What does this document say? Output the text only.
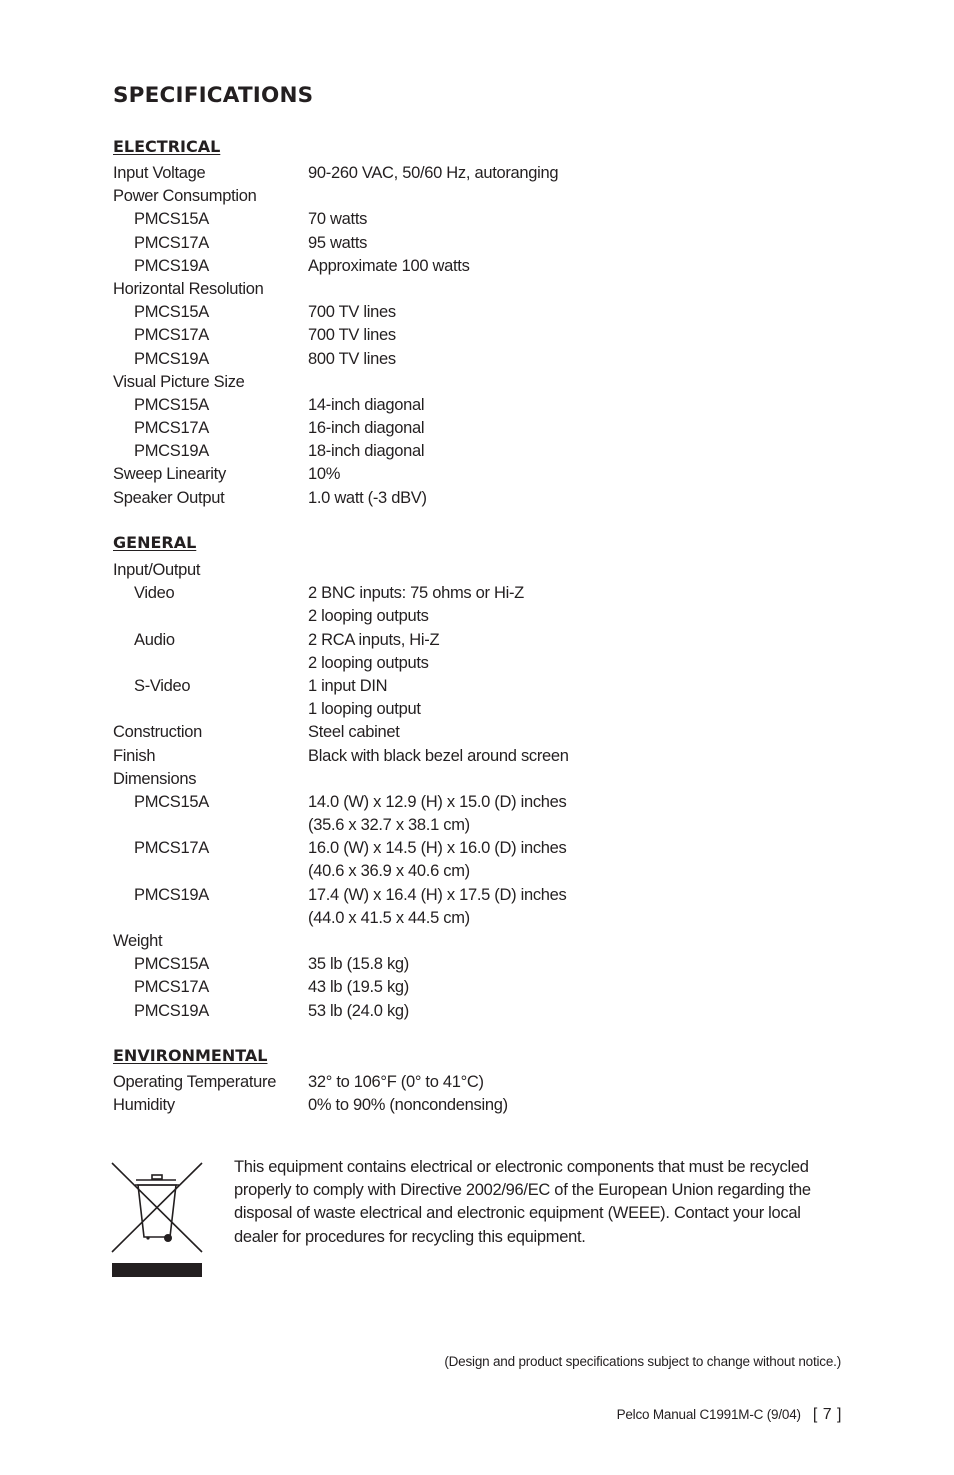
SPECIFICATIONS
ELECTRICAL
Input Voltage	90-260 VAC, 50/60 Hz, autoranging
Power Consumption
PMCS15A	70 watts
PMCS17A	95 watts
PMCS19A	Approximate 100 watts
Horizontal Resolution
PMCS15A	700 TV lines
PMCS17A	700 TV lines
PMCS19A	800 TV lines
Visual Picture Size
PMCS15A	14-inch diagonal
PMCS17A	16-inch diagonal
PMCS19A	18-inch diagonal
Sweep Linearity	10%
Speaker Output	1.0 watt (-3 dBV)
GENERAL
Input/Output
Video	2 BNC inputs: 75 ohms or Hi-Z
2 looping outputs
Audio	2 RCA inputs, Hi-Z
2 looping outputs
S-Video	1 input DIN
1 looping output
Construction	Steel cabinet
Finish	Black with black bezel around screen
Dimensions
PMCS15A	14.0 (W) x 12.9 (H) x 15.0 (D) inches
(35.6 x 32.7 x 38.1 cm)
PMCS17A	16.0 (W) x 14.5 (H) x 16.0 (D) inches
(40.6 x 36.9 x 40.6 cm)
PMCS19A	17.4 (W) x 16.4 (H) x 17.5 (D) inches
(44.0 x 41.5 x 44.5 cm)
Weight
PMCS15A	35 lb (15.8 kg)
PMCS17A	43 lb (19.5 kg)
PMCS19A	53 lb (24.0 kg)
ENVIRONMENTAL
Operating Temperature 32° to 106°F (0° to 41°C)
Humidity	0% to 90% (noncondensing)

This equipment contains electrical or electronic components that must be recycled properly to comply with Directive 2002/96/EC of the European Union regarding the disposal of waste electrical and electronic equipment (WEEE). Contact your local dealer for procedures for recycling this equipment.

(Design and product specifications subject to change without notice.)

Pelco Manual C1991M-C (9/04) [ 7 ]
